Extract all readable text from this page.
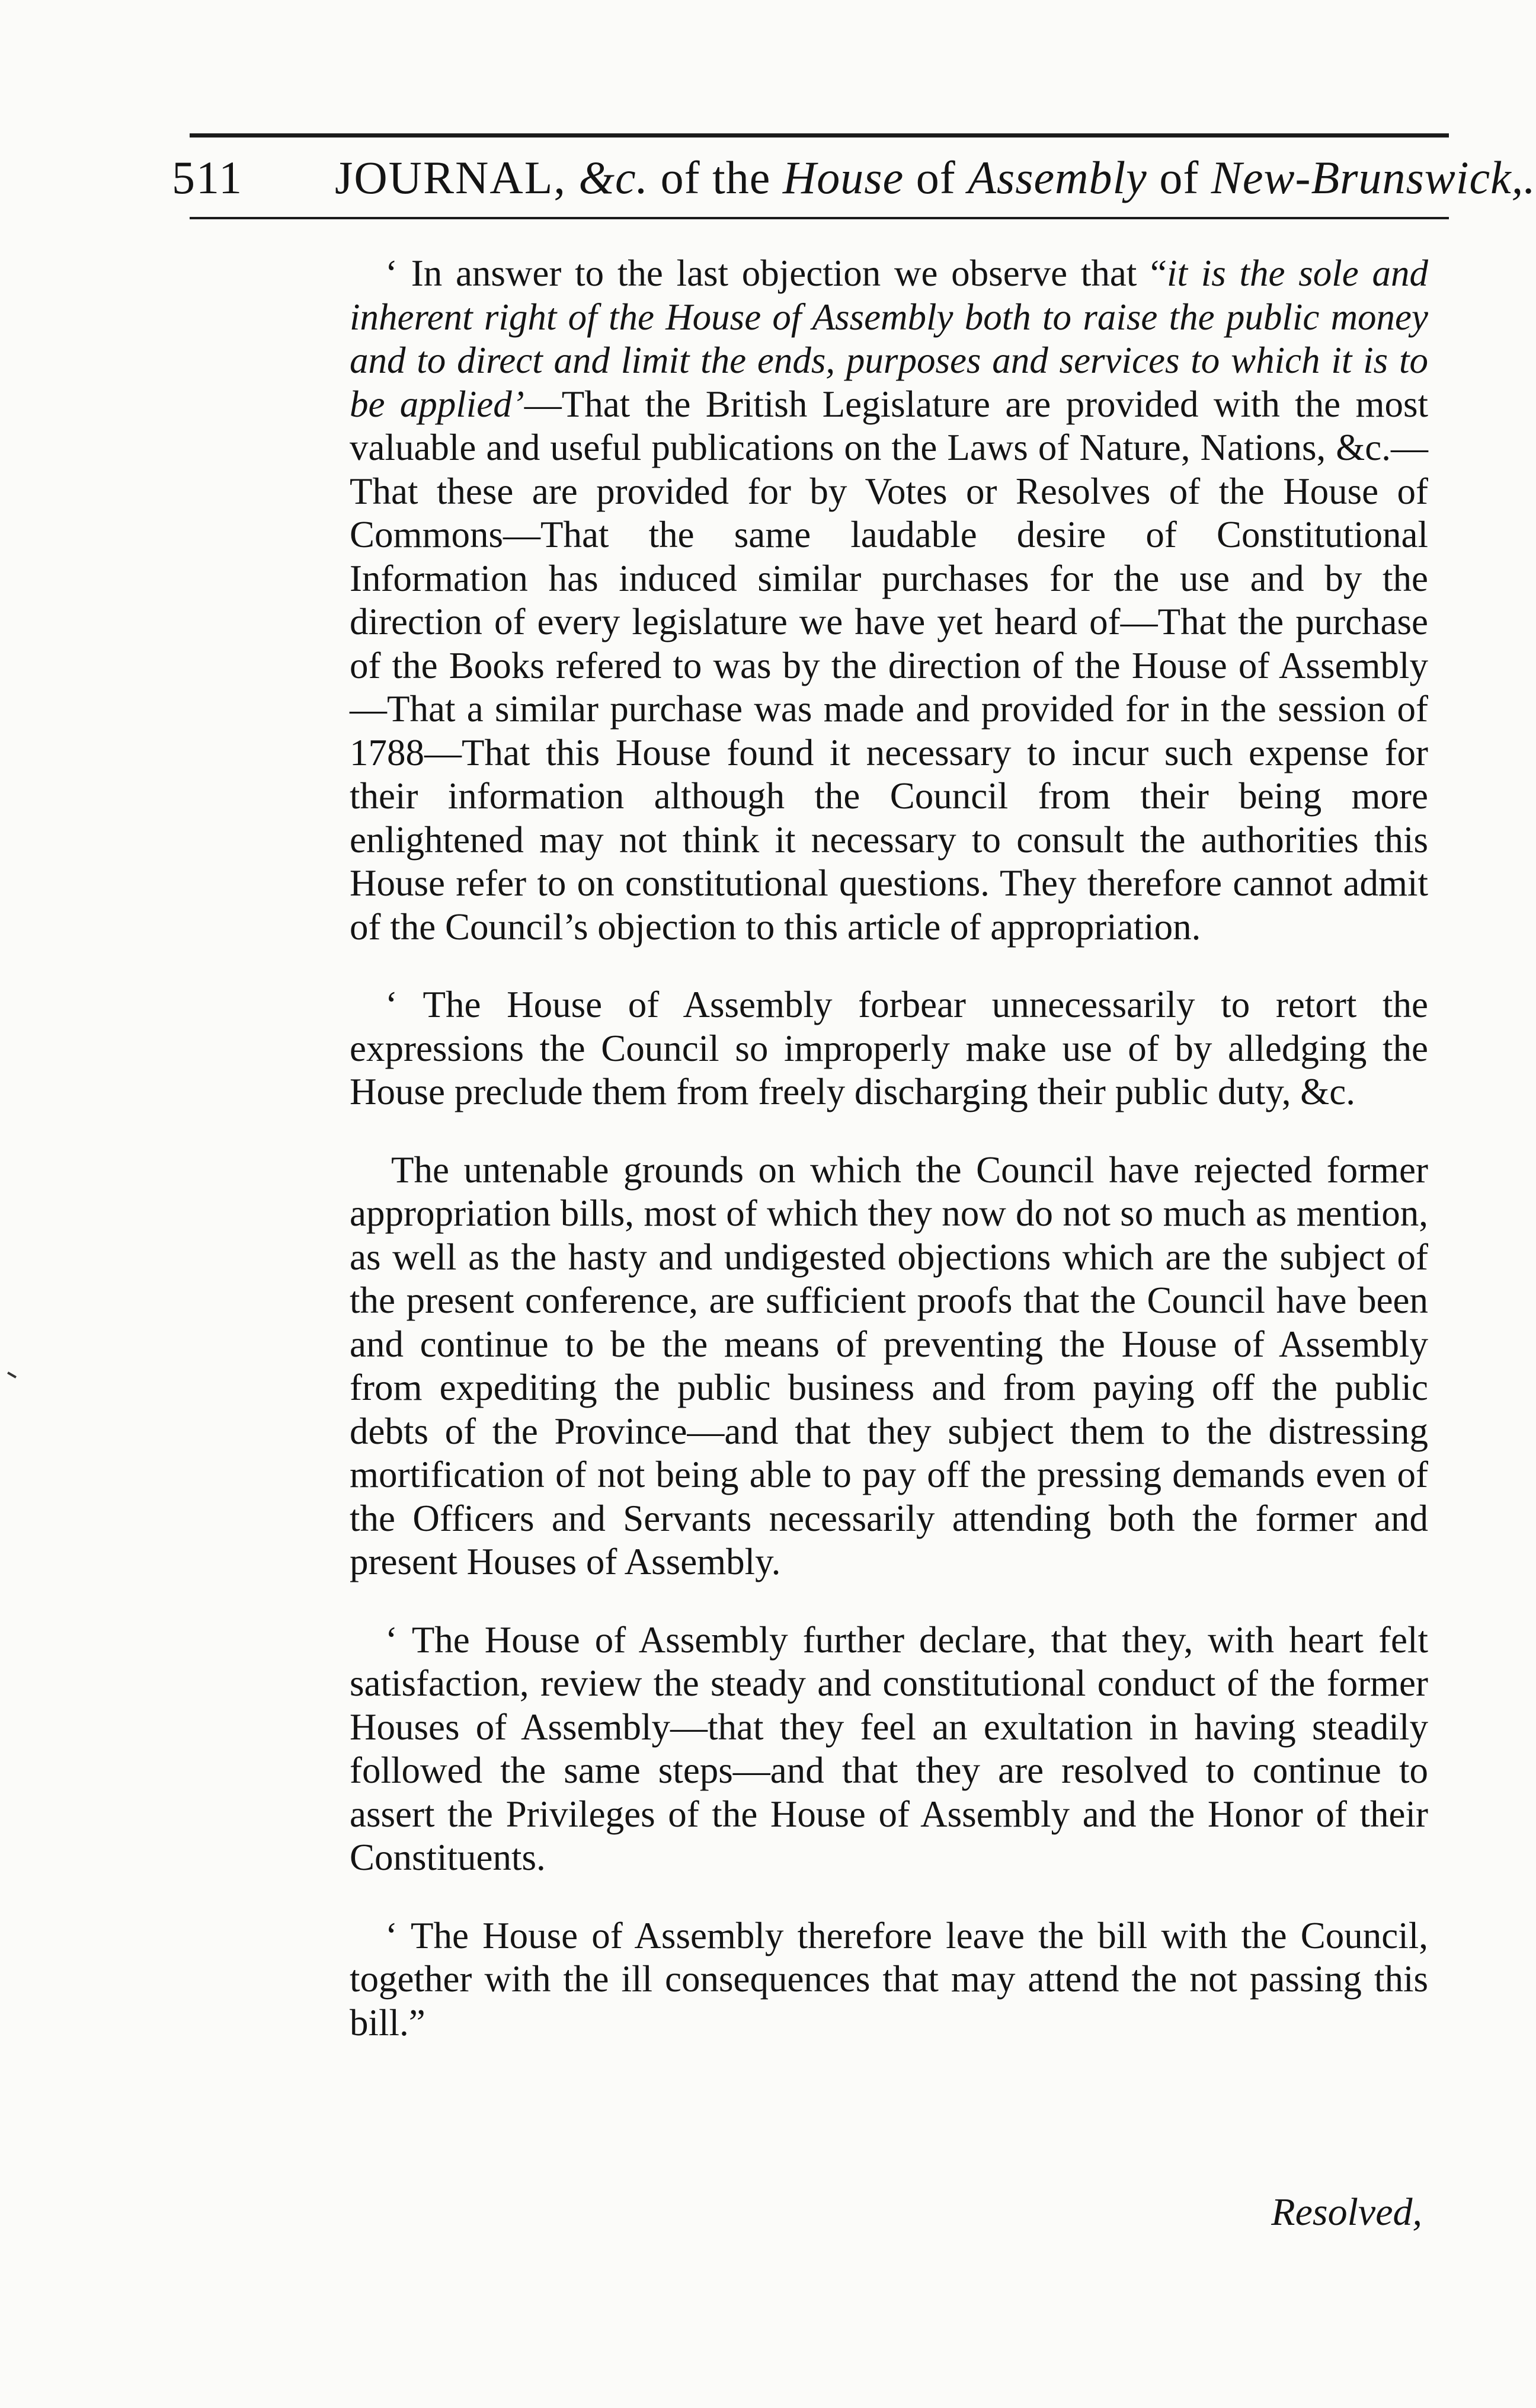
511 JOURNAL, &c. of the House of Assembly of New-Brunswick,.

‘ In answer to the last objection we observe that “it is the sole and inherent right of the House of Assembly both to raise the public money and to direct and limit the ends, purposes and services to which it is to be applied’—That the British Legislature are provided with the most valuable and useful publications on the Laws of Nature, Nations, &c.—That these are provided for by Votes or Resolves of the House of Commons—That the same laudable desire of Constitutional Information has induced similar purchases for the use and by the direction of every legislature we have yet heard of—That the purchase of the Books refered to was by the direction of the House of Assembly—That a similar purchase was made and provided for in the session of 1788—That this House found it necessary to incur such expense for their information although the Council from their being more enlightened may not think it necessary to consult the authorities this House refer to on constitutional questions. They therefore cannot admit of the Council’s objection to this article of appropriation.

‘ The House of Assembly forbear unnecessarily to retort the expressions the Council so improperly make use of by alledging the House preclude them from freely discharging their public duty, &c.

The untenable grounds on which the Council have rejected former appropriation bills, most of which they now do not so much as mention, as well as the hasty and undigested objections which are the subject of the present conference, are sufficient proofs that the Council have been and continue to be the means of preventing the House of Assembly from expediting the public business and from paying off the public debts of the Province—and that they subject them to the distressing mortification of not being able to pay off the pressing demands even of the Officers and Servants necessarily attending both the former and present Houses of Assembly.

‘ The House of Assembly further declare, that they, with heart felt satisfaction, review the steady and constitutional conduct of the former Houses of Assembly—that they feel an exultation in having steadily followed the same steps—and that they are resolved to continue to assert the Privileges of the House of Assembly and the Honor of their Constituents.

‘ The House of Assembly therefore leave the bill with the Council, together with the ill consequences that may attend the not passing this bill.”

Resolved,
